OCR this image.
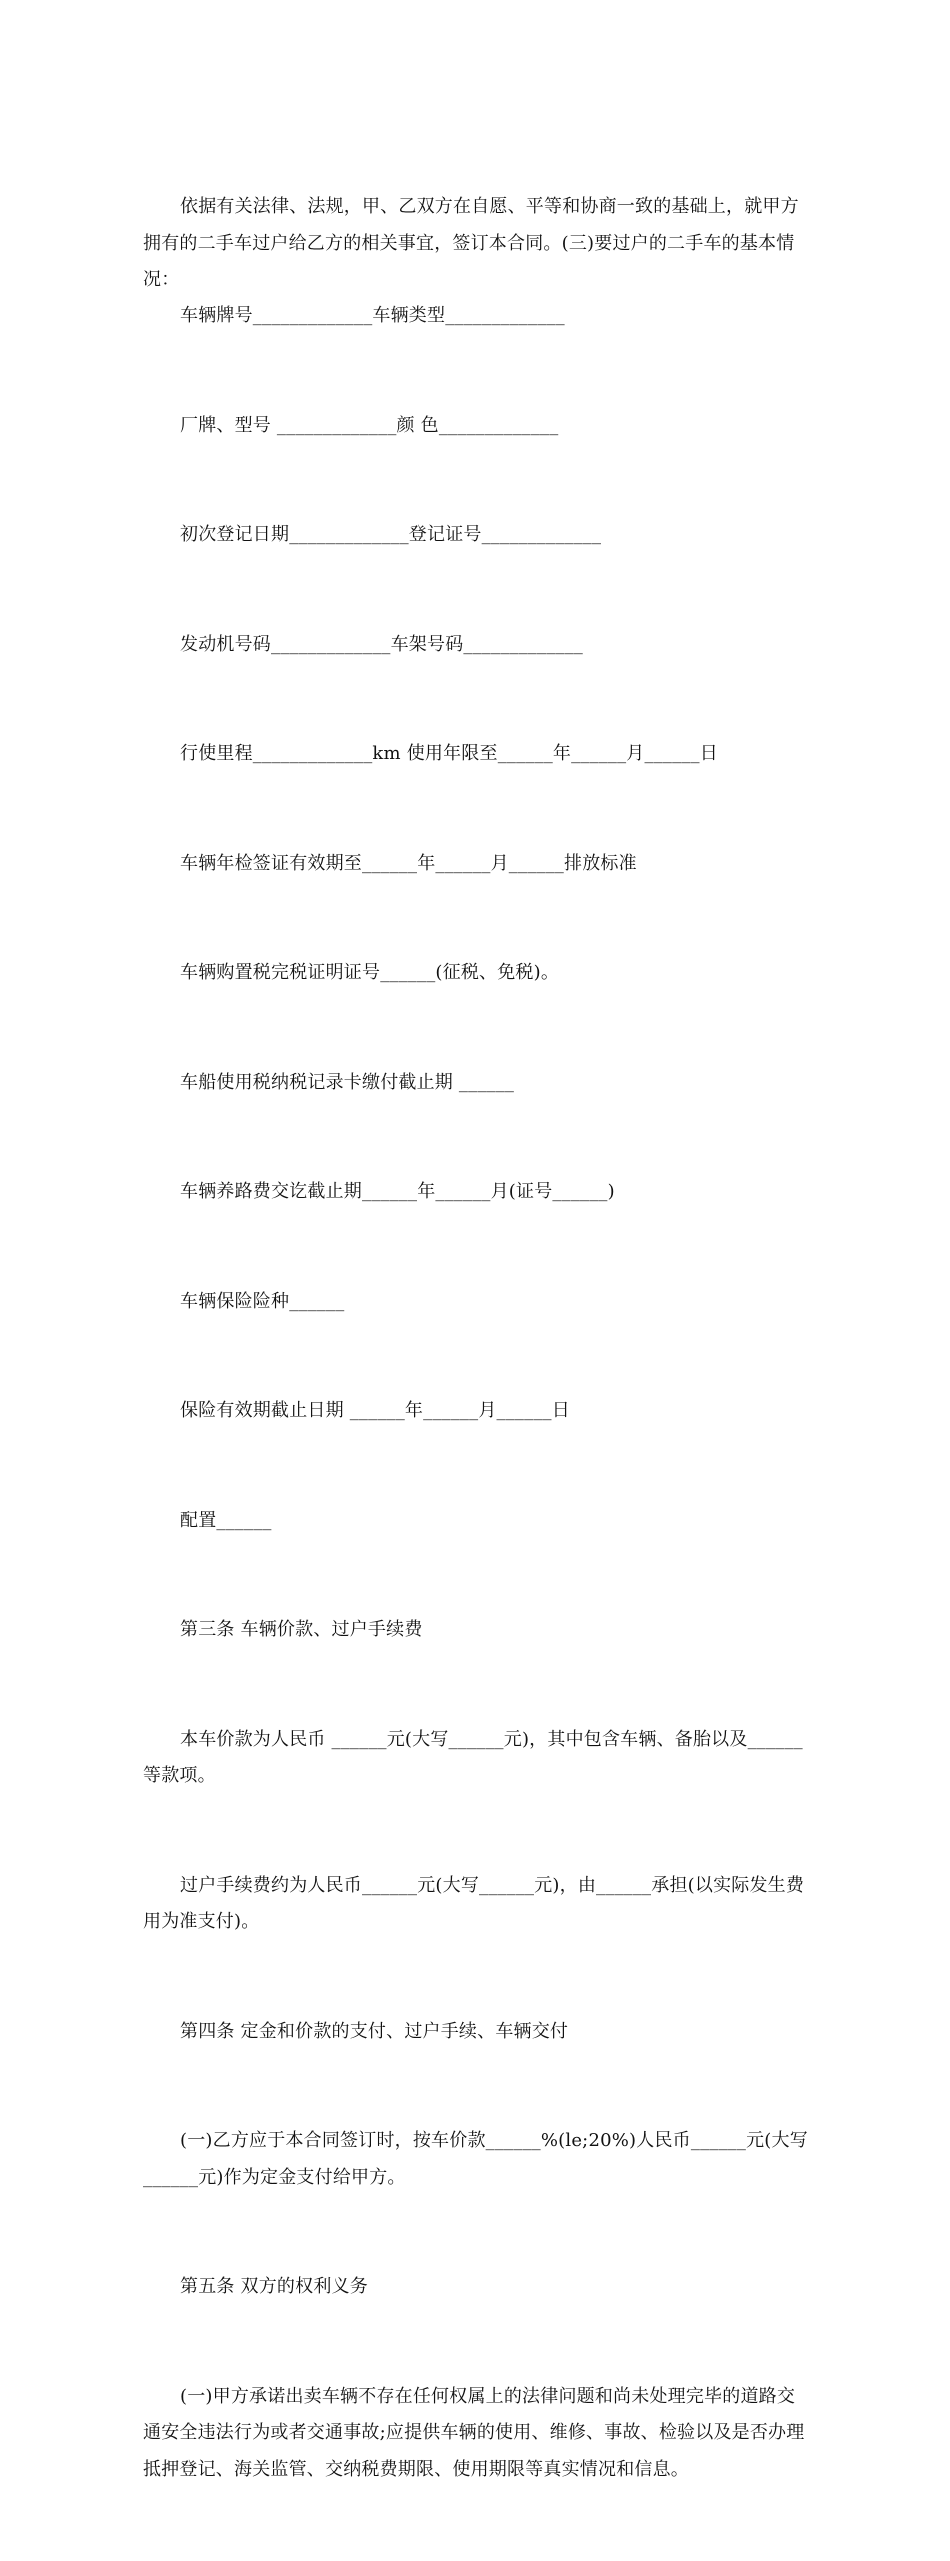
依据有关法律、法规，甲、乙双方在自愿、平等和协商一致的基础上，就甲方拥有的二手车过户给乙方的相关事宜，签订本合同。(三)要过户的二手车的基本情况：

车辆牌号_____________车辆类型_____________

厂牌、型号 _____________颜 色_____________

初次登记日期_____________登记证号_____________

发动机号码_____________车架号码_____________

行使里程_____________km 使用年限至______年______月______日

车辆年检签证有效期至______年______月______排放标准

车辆购置税完税证明证号______(征税、免税)。

车船使用税纳税记录卡缴付截止期 ______

车辆养路费交讫截止期______年______月(证号______)

车辆保险险种______

保险有效期截止日期 ______年______月______日

配置______

第三条 车辆价款、过户手续费

本车价款为人民币 ______元(大写______元)，其中包含车辆、备胎以及______等款项。

过户手续费约为人民币______元(大写______元)，由______承担(以实际发生费用为准支付)。

第四条 定金和价款的支付、过户手续、车辆交付

(一)乙方应于本合同签订时，按车价款______%(le;20%)人民币______元(大写 ______元)作为定金支付给甲方。

第五条 双方的权利义务

(一)甲方承诺出卖车辆不存在任何权属上的法律问题和尚未处理完毕的道路交通安全违法行为或者交通事故;应提供车辆的使用、维修、事故、检验以及是否办理抵押登记、海关监管、交纳税费期限、使用期限等真实情况和信息。
